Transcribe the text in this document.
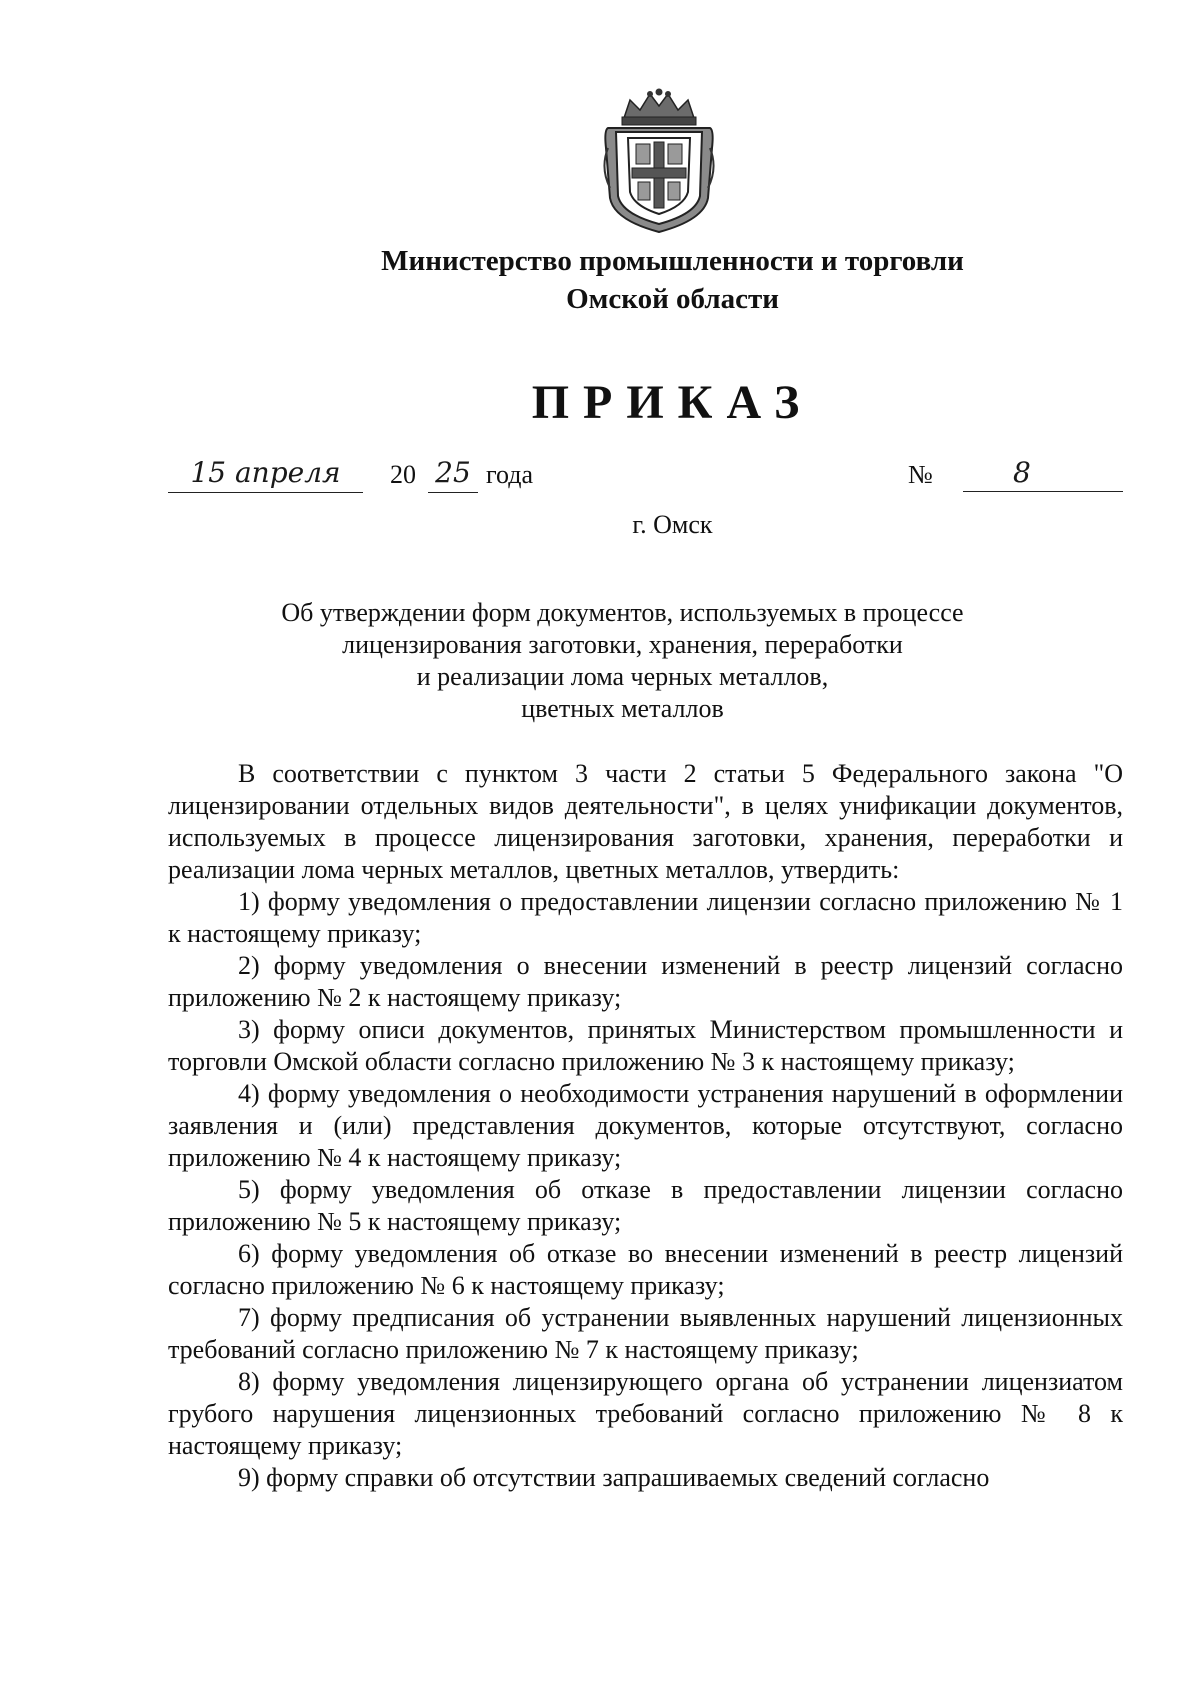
Министерство промышленности и торговли
Омской области
ПРИКАЗ
15 апреля	20 25 года	№	8
г. Омск
Об утверждении форм документов, используемых в процессе
лицензирования заготовки, хранения, переработки
и реализации лома черных металлов,
цветных металлов

В соответствии с пунктом 3 части 2 статьи 5 Федерального закона "О лицензировании отдельных видов деятельности", в целях унификации документов, используемых в процессе лицензирования заготовки, хранения, переработки и реализации лома черных металлов, цветных металлов, утвердить:

1) форму уведомления о предоставлении лицензии согласно приложению № 1 к настоящему приказу;

2) форму уведомления о внесении изменений в реестр лицензий согласно приложению № 2 к настоящему приказу;

3) форму описи документов, принятых Министерством промышленности и торговли Омской области согласно приложению № 3 к настоящему приказу;

4) форму уведомления о необходимости устранения нарушений в оформлении заявления и (или) представления документов, которые отсутствуют, согласно приложению № 4 к настоящему приказу;

5) форму уведомления об отказе в предоставлении лицензии согласно приложению № 5 к настоящему приказу;

6) форму уведомления об отказе во внесении изменений в реестр лицензий согласно приложению № 6 к настоящему приказу;

7) форму предписания об устранении выявленных нарушений лицензионных требований согласно приложению № 7 к настоящему приказу;

8) форму уведомления лицензирующего органа об устранении лицензиатом грубого нарушения лицензионных требований согласно приложению № 8 к настоящему приказу;

9) форму справки об отсутствии запрашиваемых сведений согласно
